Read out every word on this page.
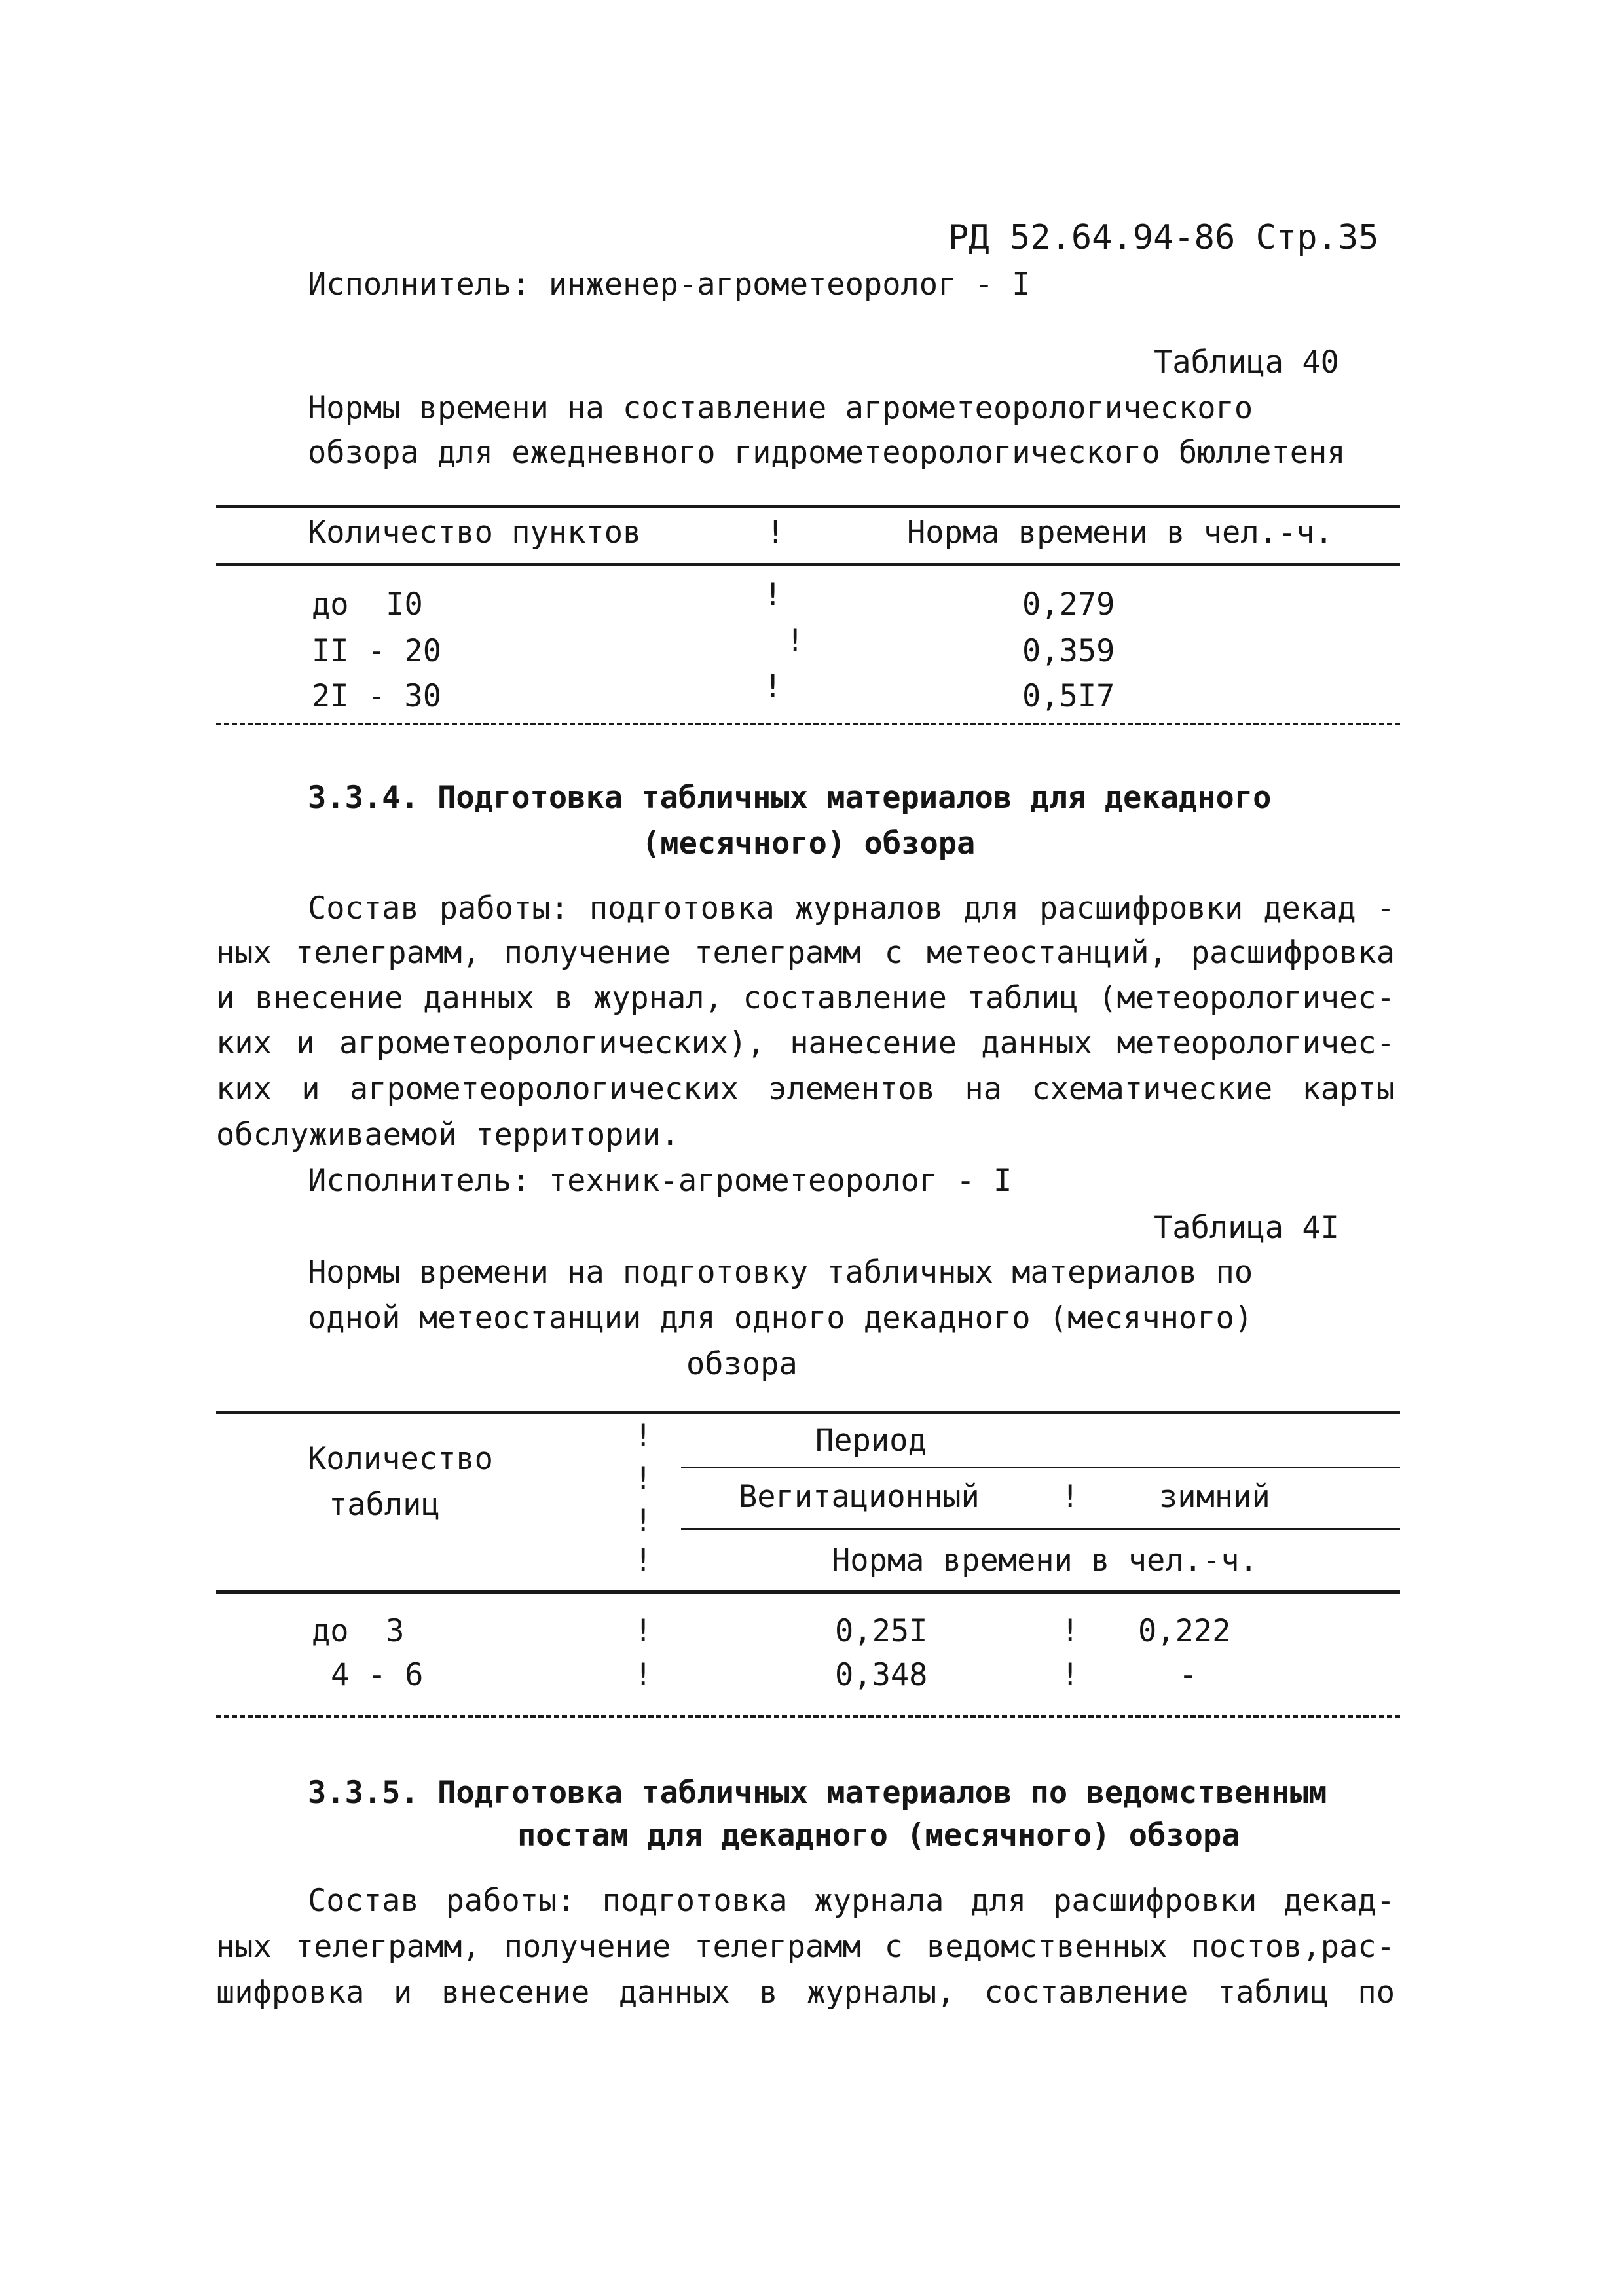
РД 52.64.94-86 Стр.35
Исполнитель: инженер-агрометеоролог - I
Таблица 40
Нормы времени на составление агрометеорологического
обзора для ежедневного гидрометеорологического бюллетеня
Количество пунктов	!	Норма времени в чел.-ч.
до  I0	!	0,279
II - 20	!	0,359
2I - 30	!	0,5I7
3.3.4. Подготовка табличных материалов для декадного
(месячного) обзора
Состав работы: подготовка журналов для расшифровки декад -
ных телеграмм, получение телеграмм с метеостанций, расшифровка
и внесение данных в журнал, составление таблиц (метеорологичес-
ких и агрометеорологических), нанесение данных метеорологичес-
ких и агрометеорологических элементов на схематические карты
обслуживаемой территории.
Исполнитель: техник-агрометеоролог - I
Таблица 4I
Нормы времени на подготовку табличных материалов по
одной метеостанции для одного декадного (месячного)
обзора
Количество
таблиц
!
!
!
!
Период
Вегитационный	!	зимний
Норма времени в чел.-ч.
до  3	!	0,25I	! 0,222
4 - 6	!	0,348	!	-
3.3.5. Подготовка табличных материалов по ведомственным
постам для декадного (месячного) обзора
Состав работы: подготовка журнала для расшифровки декад-
ных телеграмм, получение телеграмм с ведомственных постов,рас-
шифровка и внесение данных в журналы, составление таблиц по
